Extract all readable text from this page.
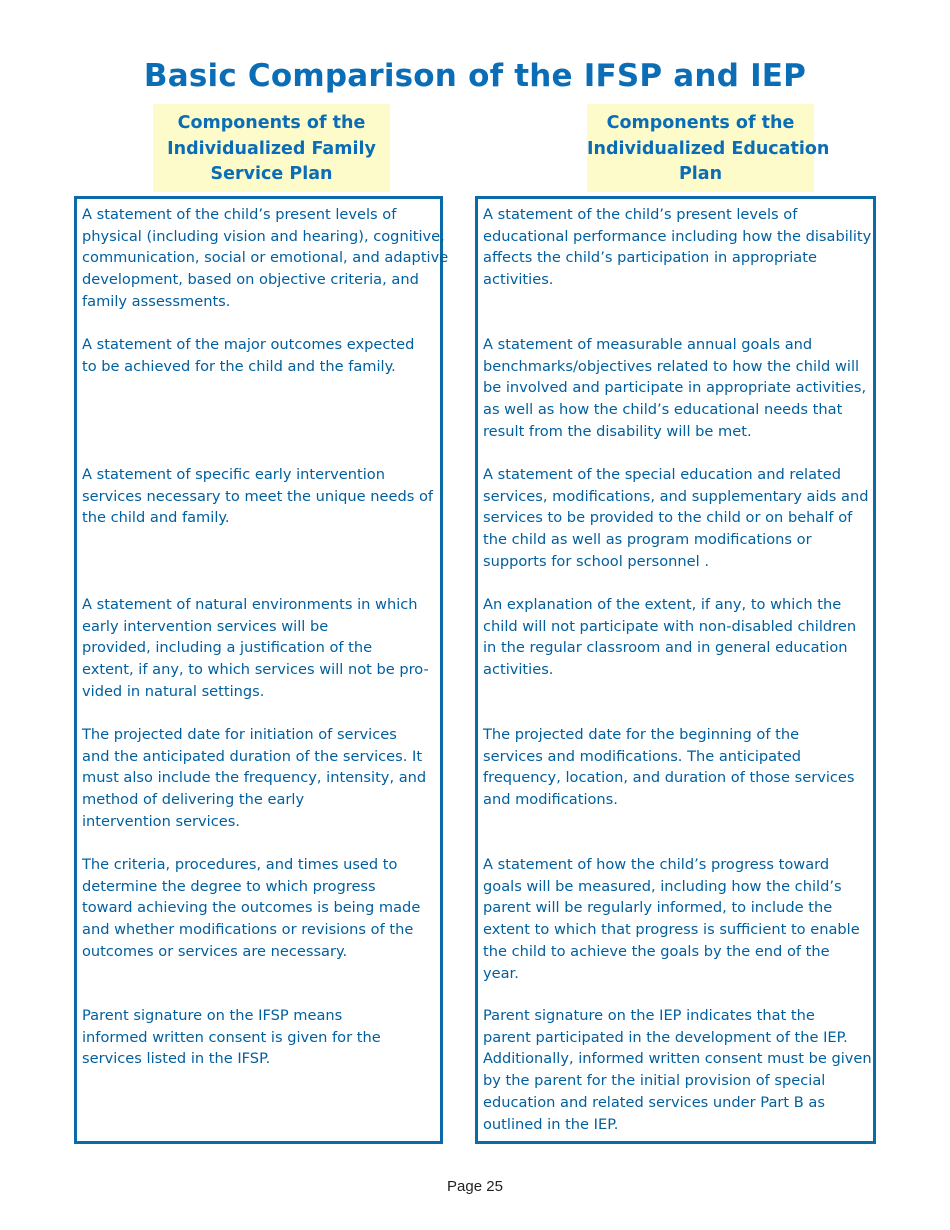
Basic Comparison of the IFSP and IEP
Components of the
Individualized Family
Service Plan
Components of the
Individualized Education
Plan
A statement of the child’s present levels of
physical (including vision and hearing), cognitive,
communication, social or emotional, and adaptive
development, based on objective criteria, and
family assessments.
A statement of the major outcomes expected
to be achieved for the child and the family.
A statement of specific early intervention
services necessary to meet the unique needs of
the child and family.
A statement of natural environments in which
early intervention services will be
provided, including a justification of the
extent, if any, to which services will not be pro-
vided in natural settings.
The projected date for initiation of services
and the anticipated duration of the services. It
must also include the frequency, intensity, and
method of delivering the early
intervention services.
The criteria, procedures, and times used to
determine the degree to which progress
toward achieving the outcomes is being made
and whether modifications or revisions of the
outcomes or services are necessary.
Parent signature on the IFSP means
informed written consent is given for the
services listed in the IFSP.
A statement of the child’s present levels of
educational performance including how the disability
affects the child’s participation in appropriate
activities.
A statement of measurable annual goals and
benchmarks/objectives related to how the child will
be involved and participate in appropriate activities,
as well as how the child’s educational needs that
result from the disability will be met.
A statement of the special education and related
services, modifications, and supplementary aids and
services to be provided to the child or on behalf of
the child as well as program modifications or
supports for school personnel .
An explanation of the extent, if any, to which the
child will not participate with non-disabled children
in the regular classroom and in general education
activities.
The projected date for the beginning of the
services and modifications. The anticipated
frequency, location, and duration of those services
and modifications.
A statement of how the child’s progress toward
goals will be measured, including how the child’s
parent will be regularly informed, to include the
extent to which that progress is sufficient to enable
the child to achieve the goals by the end of the
year.
Parent signature on the IEP indicates that the
parent participated in the development of the IEP.
Additionally, informed written consent must be given
by the parent for the initial provision of special
education and related services under Part B as
outlined in the IEP.
Page 25
